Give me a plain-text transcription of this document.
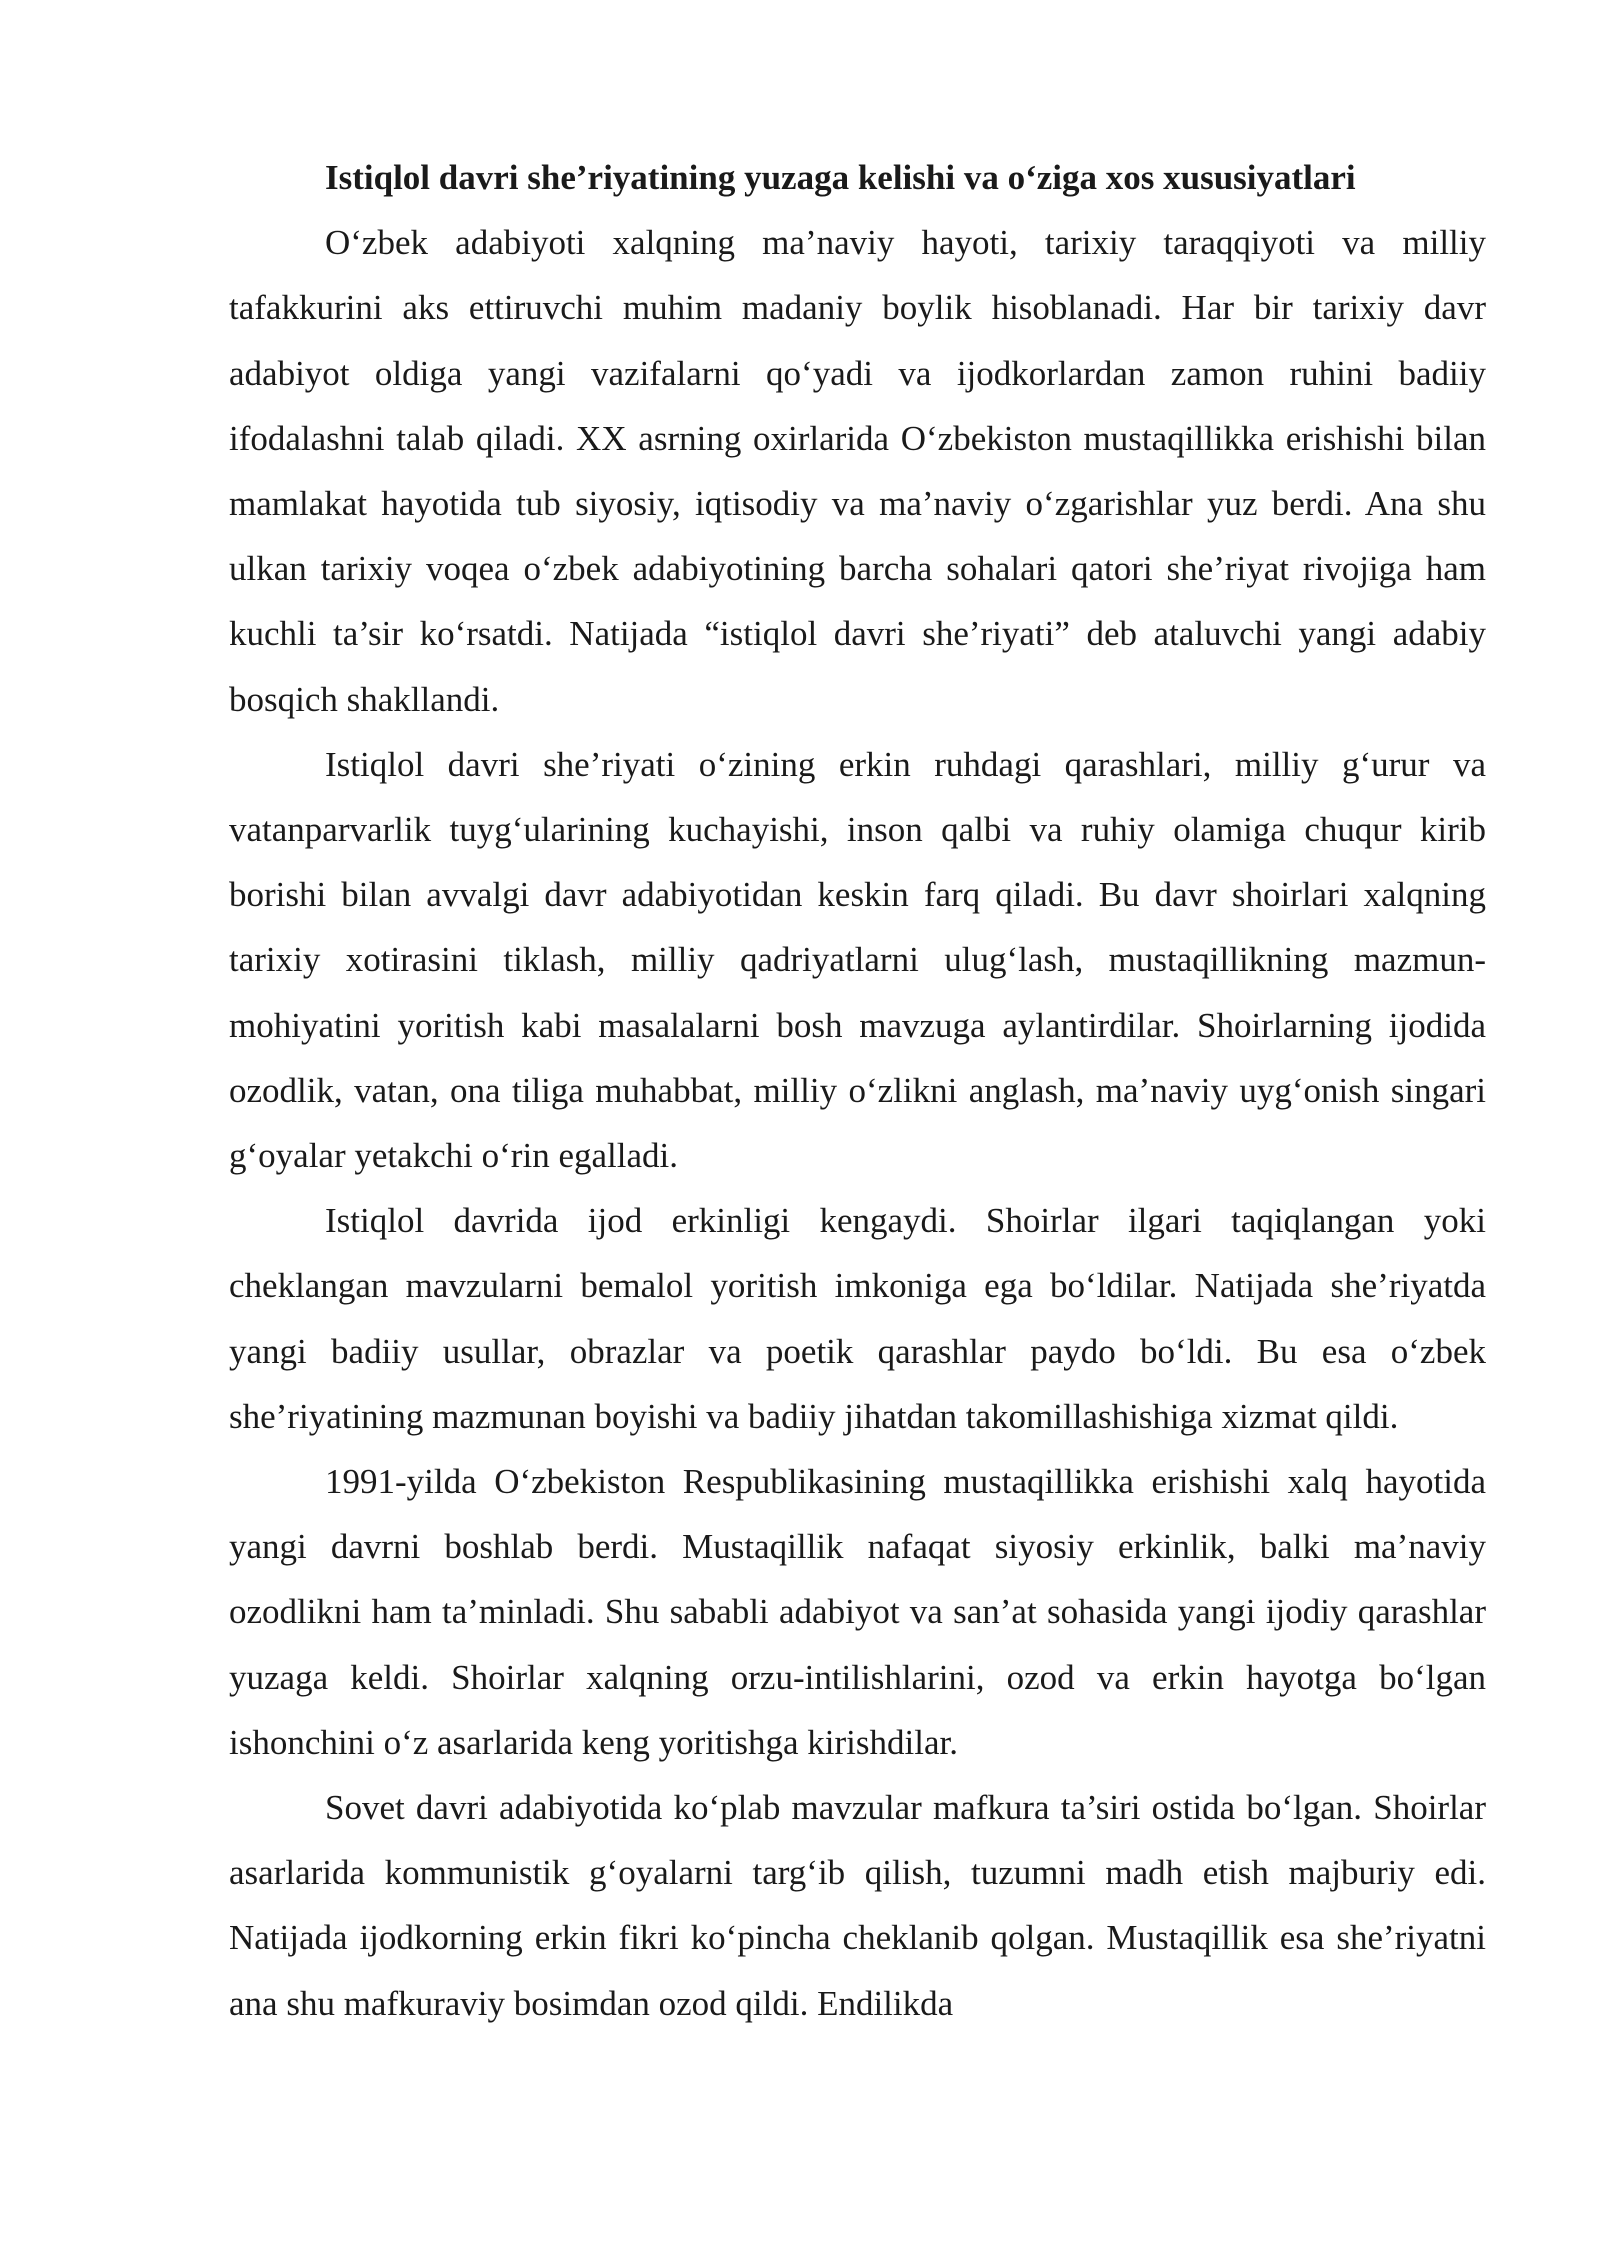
Istiqlol davri she’riyatining yuzaga kelishi va o‘ziga xos xususiyatlari

O‘zbek adabiyoti xalqning ma’naviy hayoti, tarixiy taraqqiyoti va milliy tafakkurini aks ettiruvchi muhim madaniy boylik hisoblanadi. Har bir tarixiy davr adabiyot oldiga yangi vazifalarni qo‘yadi va ijodkorlardan zamon ruhini badiiy ifodalashni talab qiladi. XX asrning oxirlarida O‘zbekiston mustaqillikka erishishi bilan mamlakat hayotida tub siyosiy, iqtisodiy va ma’naviy o‘zgarishlar yuz berdi. Ana shu ulkan tarixiy voqea o‘zbek adabiyotining barcha sohalari qatori she’riyat rivojiga ham kuchli ta’sir ko‘rsatdi. Natijada “istiqlol davri she’riyati” deb ataluvchi yangi adabiy bosqich shakllandi.

Istiqlol davri she’riyati o‘zining erkin ruhdagi qarashlari, milliy g‘urur va vatanparvarlik tuyg‘ularining kuchayishi, inson qalbi va ruhiy olamiga chuqur kirib borishi bilan avvalgi davr adabiyotidan keskin farq qiladi. Bu davr shoirlari xalqning tarixiy xotirasini tiklash, milliy qadriyatlarni ulug‘lash, mustaqillikning mazmun-mohiyatini yoritish kabi masalalarni bosh mavzuga aylantirdilar. Shoirlarning ijodida ozodlik, vatan, ona tiliga muhabbat, milliy o‘zlikni anglash, ma’naviy uyg‘onish singari g‘oyalar yetakchi o‘rin egalladi.

Istiqlol davrida ijod erkinligi kengaydi. Shoirlar ilgari taqiqlangan yoki cheklangan mavzularni bemalol yoritish imkoniga ega bo‘ldilar. Natijada she’riyatda yangi badiiy usullar, obrazlar va poetik qarashlar paydo bo‘ldi. Bu esa o‘zbek she’riyatining mazmunan boyishi va badiiy jihatdan takomillashishiga xizmat qildi.

1991-yilda O‘zbekiston Respublikasining mustaqillikka erishishi xalq hayotida yangi davrni boshlab berdi. Mustaqillik nafaqat siyosiy erkinlik, balki ma’naviy ozodlikni ham ta’minladi. Shu sababli adabiyot va san’at sohasida yangi ijodiy qarashlar yuzaga keldi. Shoirlar xalqning orzu-intilishlarini, ozod va erkin hayotga bo‘lgan ishonchini o‘z asarlarida keng yoritishga kirishdilar.

Sovet davri adabiyotida ko‘plab mavzular mafkura ta’siri ostida bo‘lgan. Shoirlar asarlarida kommunistik g‘oyalarni targ‘ib qilish, tuzumni madh etish majburiy edi. Natijada ijodkorning erkin fikri ko‘pincha cheklanib qolgan. Mustaqillik esa she’riyatni ana shu mafkuraviy bosimdan ozod qildi. Endilikda
